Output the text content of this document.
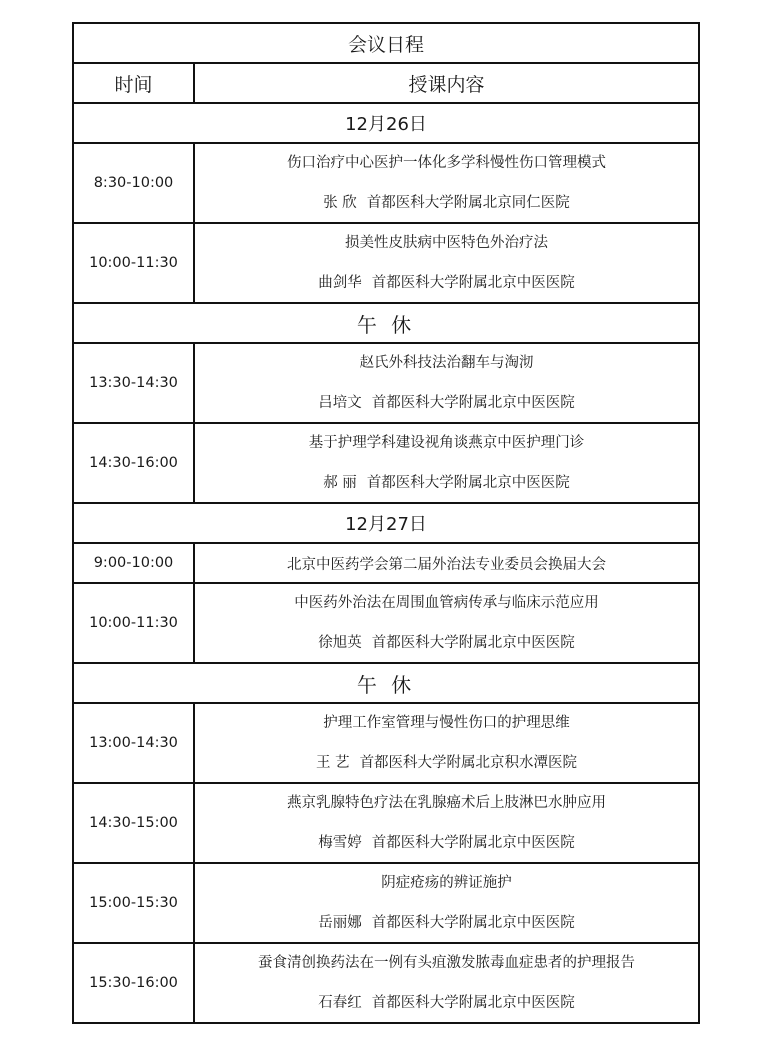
会议日程	
时间	授课内容
12月26日	
8:30-10:00	伤口治疗中心医护一体化多学科慢性伤口管理模式
张 欣 首都医科大学附属北京同仁医院

10:00-11:30	损美性皮肤病中医特色外治疗法
曲剑华 首都医科大学附属北京中医医院

午 休	
13:30-14:30	赵氏外科技法治翻车与淘沏
吕培文 首都医科大学附属北京中医医院

14:30-16:00	基于护理学科建设视角谈燕京中医护理门诊
郝 丽 首都医科大学附属北京中医医院

12月27日	
9:00-10:00	北京中医药学会第二届外治法专业委员会换届大会
10:00-11:30	中医药外治法在周围血管病传承与临床示范应用
徐旭英 首都医科大学附属北京中医医院

午 休	
13:00-14:30	护理工作室管理与慢性伤口的护理思维
王 艺 首都医科大学附属北京积水潭医院

14:30-15:00	燕京乳腺特色疗法在乳腺癌术后上肢淋巴水肿应用
梅雪婷 首都医科大学附属北京中医医院

15:00-15:30	阴症疮疡的辨证施护
岳丽娜 首都医科大学附属北京中医医院

15:30-16:00	蚕食清创换药法在一例有头疽激发脓毒血症患者的护理报告
石春红 首都医科大学附属北京中医医院
